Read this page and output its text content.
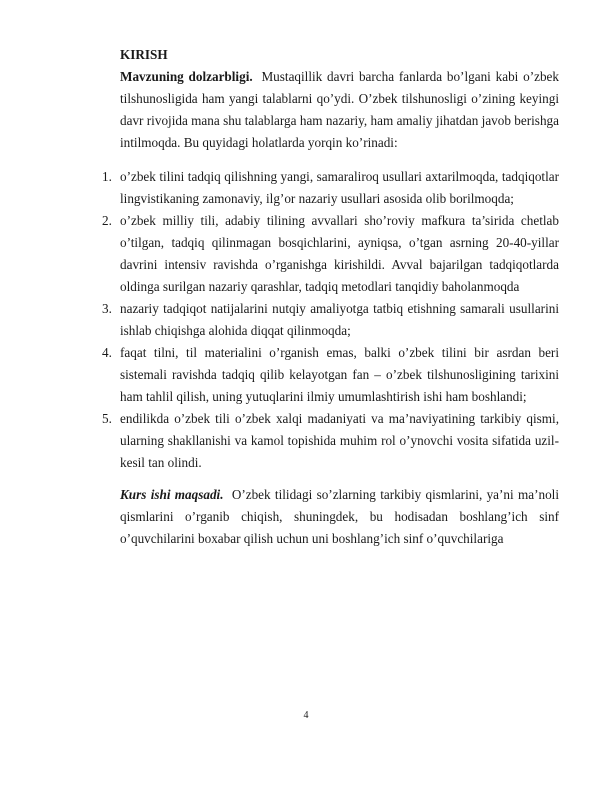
KIRISH

Mavzuning dolzarbligi. Mustaqillik davri barcha fanlarda bo’lgani kabi o’zbek tilshunosligida ham yangi talablarni qo’ydi. O’zbek tilshunosligi o’zining keyingi davr rivojida mana shu talablarga ham nazariy, ham amaliy jihatdan javob berishga intilmoqda. Bu quyidagi holatlarda yorqin ko’rinadi:

1. o’zbek tilini tadqiq qilishning yangi, samaraliroq usullari axtarilmoqda, tadqiqotlar lingvistikaning zamonaviy, ilg’or nazariy usullari asosida olib borilmoqda;
2. o’zbek milliy tili, adabiy tilining avvallari sho’roviy mafkura ta’sirida chetlab o’tilgan, tadqiq qilinmagan bosqichlarini, ayniqsa, o’tgan asrning 20-40-yillar davrini intensiv ravishda o’rganishga kirishildi. Avval bajarilgan tadqiqotlarda oldinga surilgan nazariy qarashlar, tadqiq metodlari tanqidiy baholanmoqda
3. nazariy tadqiqot natijalarini nutqiy amaliyotga tatbiq etishning samarali usullarini ishlab chiqishga alohida diqqat qilinmoqda;
4. faqat tilni, til materialini o’rganish emas, balki o’zbek tilini bir asrdan beri sistemali ravishda tadqiq qilib kelayotgan fan – o’zbek tilshunosligining tarixini ham tahlil qilish, uning yutuqlarini ilmiy umumlashtirish ishi ham boshlandi;
5. endilikda o’zbek tili o’zbek xalqi madaniyati va ma’naviyatining tarkibiy qismi, ularning shakllanishi va kamol topishida muhim rol o’ynovchi vosita sifatida uzil-kesil tan olindi.

Kurs ishi maqsadi. O’zbek tilidagi so’zlarning tarkibiy qismlarini, ya’ni ma’noli qismlarini o’rganib chiqish, shuningdek, bu hodisadan boshlang’ich sinf o’quvchilarini boxabar qilish uchun uni boshlang’ich sinf o’quvchilariga

4
